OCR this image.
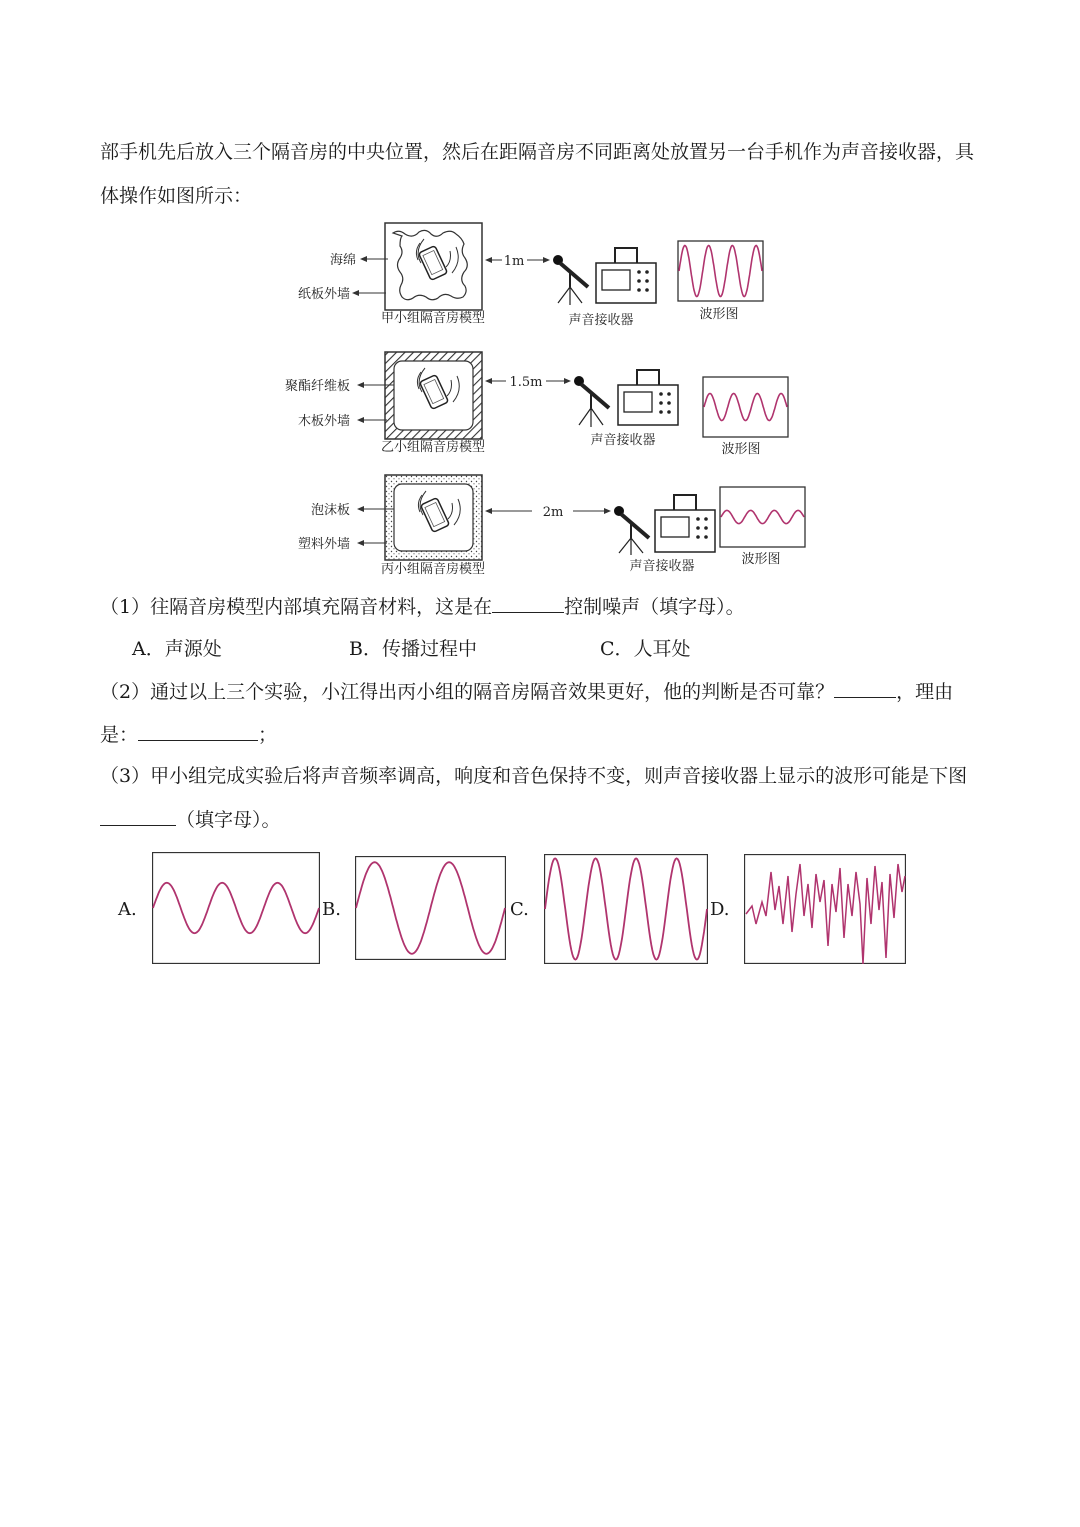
部手机先后放入三个隔音房的中央位置，然后在距隔音房不同距离处放置另一台手机作为声音接收器，具
体操作如图所示：
海绵
纸板外墙
甲小组隔音房模型
1m
声音接收器	波形图
聚酯纤维板
木板外墙
乙小组隔音房模型
1.5m
声音接收器
波形图
泡沫板
塑料外墙
丙小组隔音房模型
2m
声音接收器	波形图
（1）往隔音房模型内部填充隔音材料，这是在	控制噪声（填字母）。
A．声源处	B．传播过程中	C．人耳处
（2）通过以上三个实验，小江得出丙小组的隔音房隔音效果更好，他的判断是否可靠？	，理由
是：	；
（3）甲小组完成实验后将声音频率调高，响度和音色保持不变，则声音接收器上显示的波形可能是下图
（填字母）。
A.	B.	C.	D.
